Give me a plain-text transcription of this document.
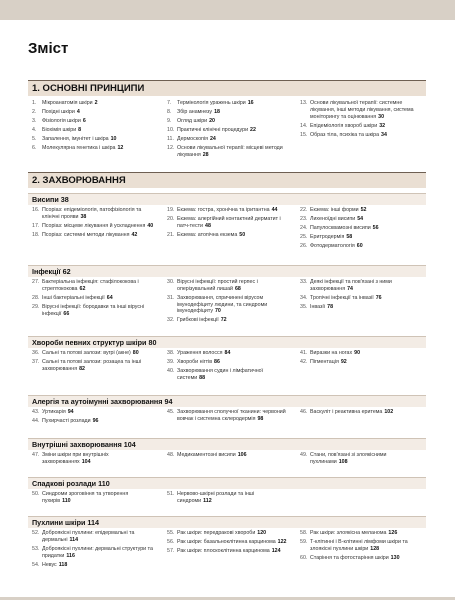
Зміст
1. ОСНОВНІ ПРИНЦИПИ
1.	Мікроанатомія шкіри 2
2.	Похідні шкіри 4
3.	Фізіологія шкіри 6
4.	Біохімія шкіри 8
5.	Запалення, імунітет і шкіра 10
6.	Молекулярна генетика і шкіра 12
7.	Термінологія уражень шкіри 16
8.	Збір анамнезу 18
9.	Огляд шкіри 20
10. Практичні клінічні процедури 22
11. Дермоскопія 24
12. Основи лікувальної терапії: місцеві методи лікування 28
13. Основи лікувальної терапії: системне лікування, інші методи лікування, система моніторингу та оцінювання 30
14. Епідеміологія хвороб шкіри 32
15. Образ тіла, психіка та шкіра 34
2. ЗАХВОРЮВАННЯ
Висипи 38
16. Псоріаз: епідеміологія, патофізіологія та клінічні прояви 38
17. Псоріаз: місцеве лікування й ускладнення 40
18. Псоріаз: системні методи лікування 42
19. Екзема: гостра, хронічна та іритантна 44
20. Екзема: алергійний контактний дерматит і патч-тести 48
21. Екзема: атопічна екзема 50
22. Екзема: інші форми 52
23. Лихеноїдні висипи 54
24. Папулосквамозні висипи 56
25. Еритродермія 58
26. Фотодерматологія 60
Інфекції 62
27. Бактеріальна інфекція: стафілококова і стрептококова 62
28. Інші бактеріальні інфекції 64
29. Вірусні інфекції: бородавки та інші вірусні інфекції 66
30. Вірусні інфекції: простий герпес і оперізувальний лишай 68
31. Захворювання, спричинені вірусом імунодефіциту людини, та синдроми імунодефіциту 70
32. Грибкові інфекції 72
33. Деякі інфекції та пов'язані з ними захворювання 74
34. Тропічні інфекції та інвазії 76
35. Інвазії 78
Хвороби певних структур шкіри 80
36. Сальні та потові залози: вугрі (акне) 80
37. Сальні та потові залози: розацеа та інші захворювання 82
38. Ураження волосся 84
39. Хвороби нігтів 86
40. Захворювання судин і лімфатичної системи 88
41. Виразки на ногах 90
42. Пігментація 92
Алергія та аутоімунні захворювання 94
43. Уртикарія 94
44. Пухирчасті розлади 96
45. Захворювання сполучної тканини: червоний вовчак і системна склеродермія 98
46. Васкуліт і реактивна еритема 102
Внутрішні захворювання 104
47. Зміни шкіри при внутрішніх захворюваннях 104
48. Медикаментозні висипи 106	49. Стани, пов'язані зі злоякісними пухлинами 108
Спадкові розлади 110
50. Синдроми зроговіння та утворення пухирів 110
51. Нервово-шкірні розлади та інші синдроми 112
Пухлини шкіри 114
52. Доброякісні пухлини: епідермальні та дермальні 114
53. Доброякісні пухлини: дермальні структури та придатки 116
54. Невус 118
55. Рак шкіри: передракові хвороби 120
56. Рак шкіри: базальноклітинна карцинома 122
57. Рак шкіри: плоскоклітинна карцинома 124
58. Рак шкіри: злоякісна меланома 126
59. Т-клітинні і В-клітинні лімфоми шкіри та злоякісні пухлини шкіри 128
60. Старіння та фотостаріння шкіри 130
